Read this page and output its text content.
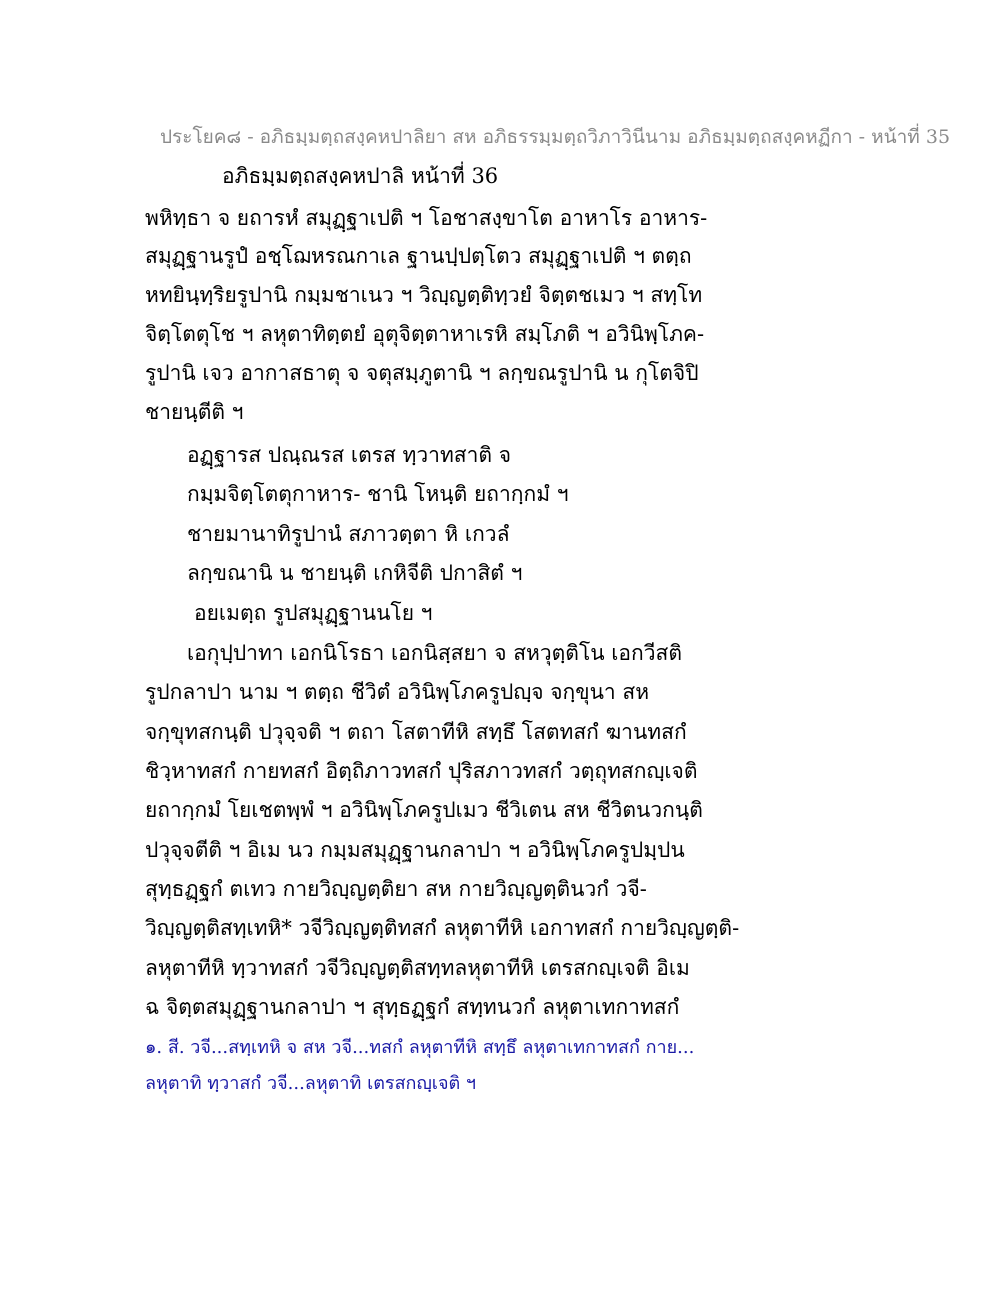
ประโยค๘ - อภิธมฺมตฺถสงฺคหปาลิยา สห อภิธรรมฺมตฺถวิภาวินีนาม อภิธมฺมตฺถสงฺคหฏีกา - หน้าที่ 35
อภิธมฺมตฺถสงฺคหปาลิ หน้าที่ 36
พหิทฺธา จ ยถารหํ สมุฏฺฐาเปติ ฯ โอชาสงฺขาโต อาหาโร อาหาร-
สมุฏฺฐานรูปํ อชฺโฌหรณกาเล ฐานปฺปตฺโตว สมุฏฺฐาเปติ ฯ ตตฺถ
หทยินฺทฺริยรูปานิ กมฺมชาเนว ฯ วิญฺญตฺติทฺวยํ จิตฺตชเมว ฯ สทฺโท
จิตฺโตตุโช ฯ ลหุตาทิตฺตยํ อุตุจิตฺตาหาเรหิ สมฺโภติ ฯ อวินิพฺโภค-
รูปานิ เจว อากาสธาตุ จ จตุสมฺภูตานิ ฯ ลกฺขณรูปานิ น กุโตจิปิ
ชายนฺตีติ ฯ
อฏฺฐารส ปณฺณรส เตรส ทฺวาทสาติ จ
กมฺมจิตฺโตตุกาหาร- ชานิ โหนฺติ ยถากฺกมํ ฯ
ชายมานาทิรูปานํ สภาวตฺตา หิ เกวลํ
ลกฺขณานิ น ชายนฺติ เกหิจีติ ปกาสิตํ ฯ
อยเมตฺถ รูปสมุฏฺฐานนโย ฯ
เอกุปฺปาทา เอกนิโรธา เอกนิสฺสยา จ สหวุตฺติโน เอกวีสติ
รูปกลาปา นาม ฯ ตตฺถ ชีวิตํ อวินิพฺโภครูปญฺจ จกฺขุนา สห
จกฺขุทสกนฺติ ปวุจฺจติ ฯ ตถา โสตาทีหิ สทฺธึ โสตทสกํ ฆานทสกํ
ชิวฺหาทสกํ กายทสกํ อิตฺถิภาวทสกํ ปุริสภาวทสกํ วตฺถุทสกญฺเจติ
ยถากฺกมํ โยเชตพฺพํ ฯ อวินิพฺโภครูปเมว ชีวิเตน สห ชีวิตนวกนฺติ
ปวุจฺจตีติ ฯ อิเม นว กมฺมสมุฏฺฐานกลาปา ฯ อวินิพฺโภครูปมฺปน
สุทฺธฏฺฐกํ ตเทว กายวิญฺญตฺติยา สห กายวิญฺญตฺตินวกํ วจี-
วิญฺญตฺติสทฺเทหิ* วจีวิญฺญตฺติทสกํ ลหุตาทีหิ เอกาทสกํ กายวิญฺญตฺติ-
ลหุตาทีหิ ทฺวาทสกํ วจีวิญฺญตฺติสทฺทลหุตาทีหิ เตรสกญฺเจติ อิเม
ฉ จิตฺตสมุฏฺฐานกลาปา ฯ สุทฺธฏฺฐกํ สทฺทนวกํ ลหุตาเทกาทสกํ
๑. สี. วจี...สทฺเทหิ จ สห วจี...ทสกํ ลหุตาทีหิ สทฺธึ ลหุตาเทกาทสกํ กาย...
ลหุตาทิ ทฺวาสกํ วจี...ลหุตาทิ เตรสกญฺเจติ ฯ
